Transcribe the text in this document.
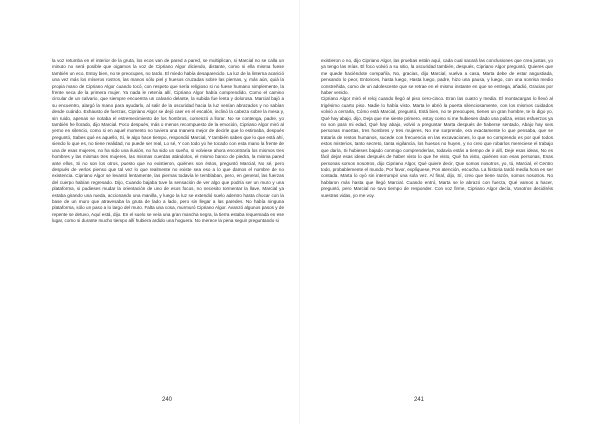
la voz retumba en el interior de la gruta, los ecos van de pared a pared, se multiplican, si Marcial no se calla un minuto no será posible que oigamos la voz de Cipriano Algor diciendo, distante, como si ella misma fuese también un eco, Estoy bien, no te preocupes, no tardo. El miedo había desaparecido. La luz de la linterna acarició una vez más los míseros rostros, las manos sólo piel y huesos cruzadas sobre las piernas, y, más aún, quiá la propia mano de Cipriano Algor cuando tocó, con respeto que sería religioso si no fuese humano simplemente, la frente seca de la primera mujer. Ya nada le retenía allí, Cipriano Algor había comprendido. Como el camino circular de un calvario, que siempre encuentra un calvario delante, la subida fue lenta y dolorosa. Marcial bajó a su encuentro, alargó la mano para ayudarlo, al salir de la oscuridad hacia la luz venían abrazados y no sabían desde cuándo. Exhausto de fuerzas, Cipriano Algor se dejó caer en el escalón, inclinó la cabeza sobre la mesa y, sin ruido, apenas se notaba el estremecimiento de los hombros, comenzó a llorar. No se contenga, padre, yo también he llorado, dijo Marcial. Poco después, más o menos recompuesto de la emoción, Cipriano Algor miró al yerno en silencio, como si en aquel momento no tuviera una manera mejor de decirle que lo estimaba, después preguntó, Sabes qué es aquello, Sí, le algo hace tiempo, respondió Marcial, Y también sabes que lo que está ahí, siendo lo que es, no tiene realidad, no puede ser real, Lo sé, Y con todo yo he tocado con esta mano la frente de una de esas mujeres, no ha sido una ilusión, no ha sido un sueño, si volviese ahora encontraría los mismos tres hombres y las mismas tres mujeres, las mismas cuerdas atándolos, el mismo banco de piedra, la misma pared ante ellos, Si no son los otros, puesto que no existieron, quiénes son éstos, preguntó Marcial, No sé, pero después de verlos pienso que tal vez lo que realmente no existe sea eso a lo que damos el nombre de no existencia. Cipriano Algor se levantó lentamente, las piernas todavía le temblaban, pero, en general, las fuerzas del cuerpo habían regresado. Dijo, Cuando bajaba tuve la sensación de ver algo que podría ser un muro y una plataforma, si pudieses mudar la orientación de uno de esos focos, no necesito tormentar la llave, Marcial ya estaba girando una rueda, accionando una manilla, y luego la luz se extendió suelo adentro hasta chocar con la base de un muro que atravesaba la gruta de lado a lado, pero sin llegar a las paredes. No había ninguna plataforma, sólo un paso a lo largo del muro. Falta una cosa, murmuró Cipriano Algor. Avanzó algunos pasos y de repente se detuvo, Aquí está, dijo. En el suelo se veía una gran mancha negra, la tierra estaba requemada en ese lugar, como si durante mucho tiempo allí hubiera ardido una hoguera. No merece la pena seguir preguntando si
240
existieron o no, dijo Cipriano Algor, las pruebas están aquí, cada cual sacará las conclusiones que crea justas, yo ya tengo las mías. El foco volvió a su sitio, la oscuridad también, después, Cipriano Algor preguntó, Quieres que me quede haciéndote compañía, No, gracias, dijo Marcial, vuelva a casa, Marta debe de estar angustiada, pensando lo peor, Entonces, hasta luego, Hasta luego, padre, hizo una pausa, y luego, con una sonrisa medio constreñida, como de un adolescente que se retrae en el mismo instante en que se entrega, añadió, Gracias por haber venido.
Cipriano Algor miró el reloj cuando llegó al piso cero-cinco. Eran las cuatro y media. El montacargas lo llevó al trigésimo cuarto piso. Nadie lo había visto. Marta le abrió la puerta silenciosamente, con los mismos cuidados volvió a cerrarla, Cómo está Marcial, preguntó, Está bien, no te preocupes, tienes un gran hombre, te lo digo yo, Qué hay abajo, dijo, Deja que me siente primero, estoy como si me hubiesen dado una paliza, estos esfuerzos ya no son para mi edad, Qué hay abajo, volvió a preguntar Marta después de haberse sentado, Abajo hay seis personas muertas, tres hombres y tres mujeres, No me sorprende, era exactamente lo que pensaba, que se trataría de restos humanos, sucede con frecuencia en las excavaciones, lo que no comprendo es por qué todos estos misterios, tanto secreto, tanta vigilancia, los huesos no huyen, y no creo que robarlos mereciese el trabajo que daría, Si hubieses bajado conmigo comprenderías, todavía estás a tiempo de ir allí, Deje esas ideas, No es fácil dejar esas ideas después de haber visto lo que he visto, Qué ha visto, quiénes son esas personas, Esas personas somos nosotros, dijo Cipriano Algor, Qué quiere decir, Que somos nosotros, yo, tú, Marcial, el Centro todo, probablemente el mundo, Por favor, explíquese, Pon atención, escucha. La historia tardó media hora en ser contada. Marta lo oyó sin interrumpir una sola vez. Al final, dijo, Sí, creo que tiene razón, somos nosotros. No hablaron más hasta que llegó Marcial. Cuando entró, Marta se le abrazó con fuerza, Qué vamos a hacer, preguntó, pero Marcial no tuvo tiempo de responder. Con voz firme, Cipriano Algor decía, Vosotros decidiréis vuestras vidas, yo me voy.
241
